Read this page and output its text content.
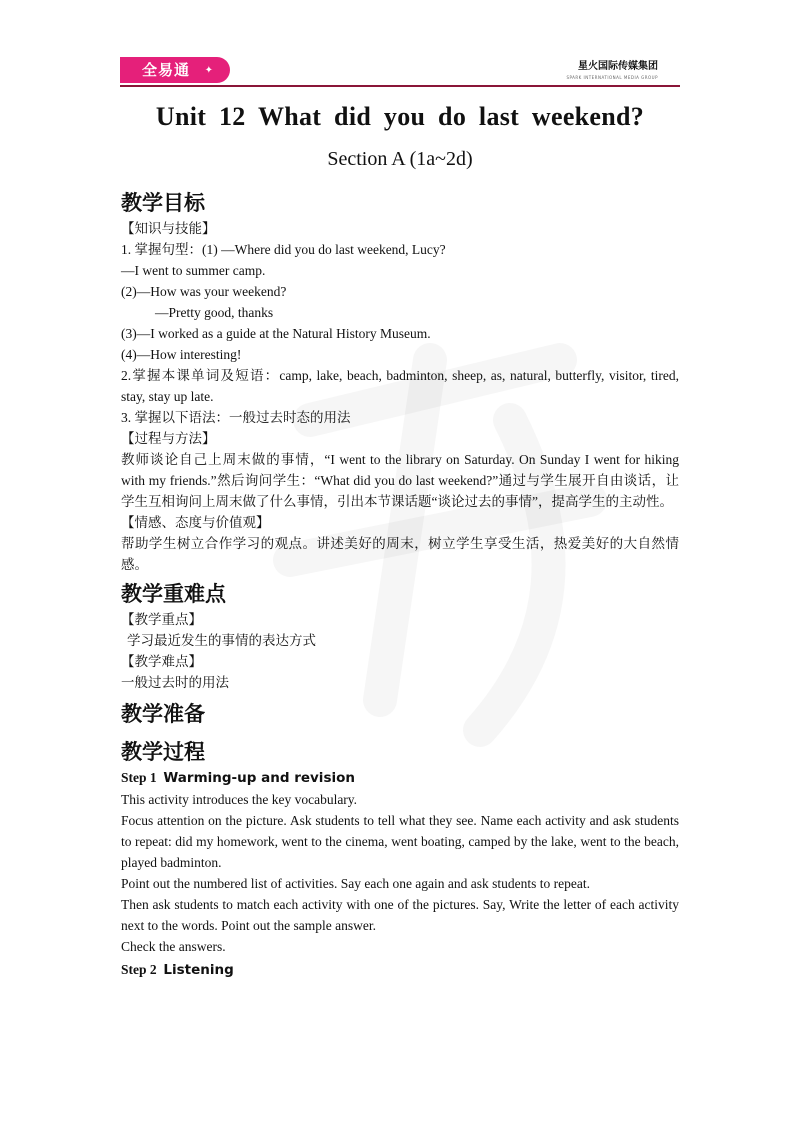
全易通 ✦	星火国际传媒集团
SPARK INTERNATIONAL MEDIA GROUP
Unit 12 What did you do last weekend?
Section A (1a~2d)

教学目标

【知识与技能】

1. 掌握句型：(1) —Where did you do last weekend, Lucy?

—I went to summer camp.

(2)—How was your weekend?

—Pretty good, thanks

(3)—I worked as a guide at the Natural History Museum.

(4)—How interesting!

2.掌握本课单词及短语：camp, lake, beach, badminton, sheep, as, natural, butterfly, visitor, tired, stay, stay up late.

3. 掌握以下语法：一般过去时态的用法

【过程与方法】

教师谈论自己上周末做的事情，“I went to the library on Saturday. On Sunday I went for hiking with my friends.”然后询问学生：“What did you do last weekend?”通过与学生展开自由谈话，让学生互相询问上周末做了什么事情，引出本节课话题“谈论过去的事情”，提高学生的主动性。

【情感、态度与价值观】

帮助学生树立合作学习的观点。讲述美好的周末，树立学生享受生活，热爱美好的大自然情感。

教学重难点

【教学重点】

学习最近发生的事情的表达方式

【教学难点】

一般过去时的用法

教学准备

教学过程

Step 1 Warming-up and revision

This activity introduces the key vocabulary.

Focus attention on the picture. Ask students to tell what they see. Name each activity and ask students to repeat: did my homework, went to the cinema, went boating, camped by the lake, went to the beach, played badminton.

Point out the numbered list of activities. Say each one again and ask students to repeat.

Then ask students to match each activity with one of the pictures. Say, Write the letter of each activity next to the words. Point out the sample answer.

Check the answers.

Step 2 Listening
